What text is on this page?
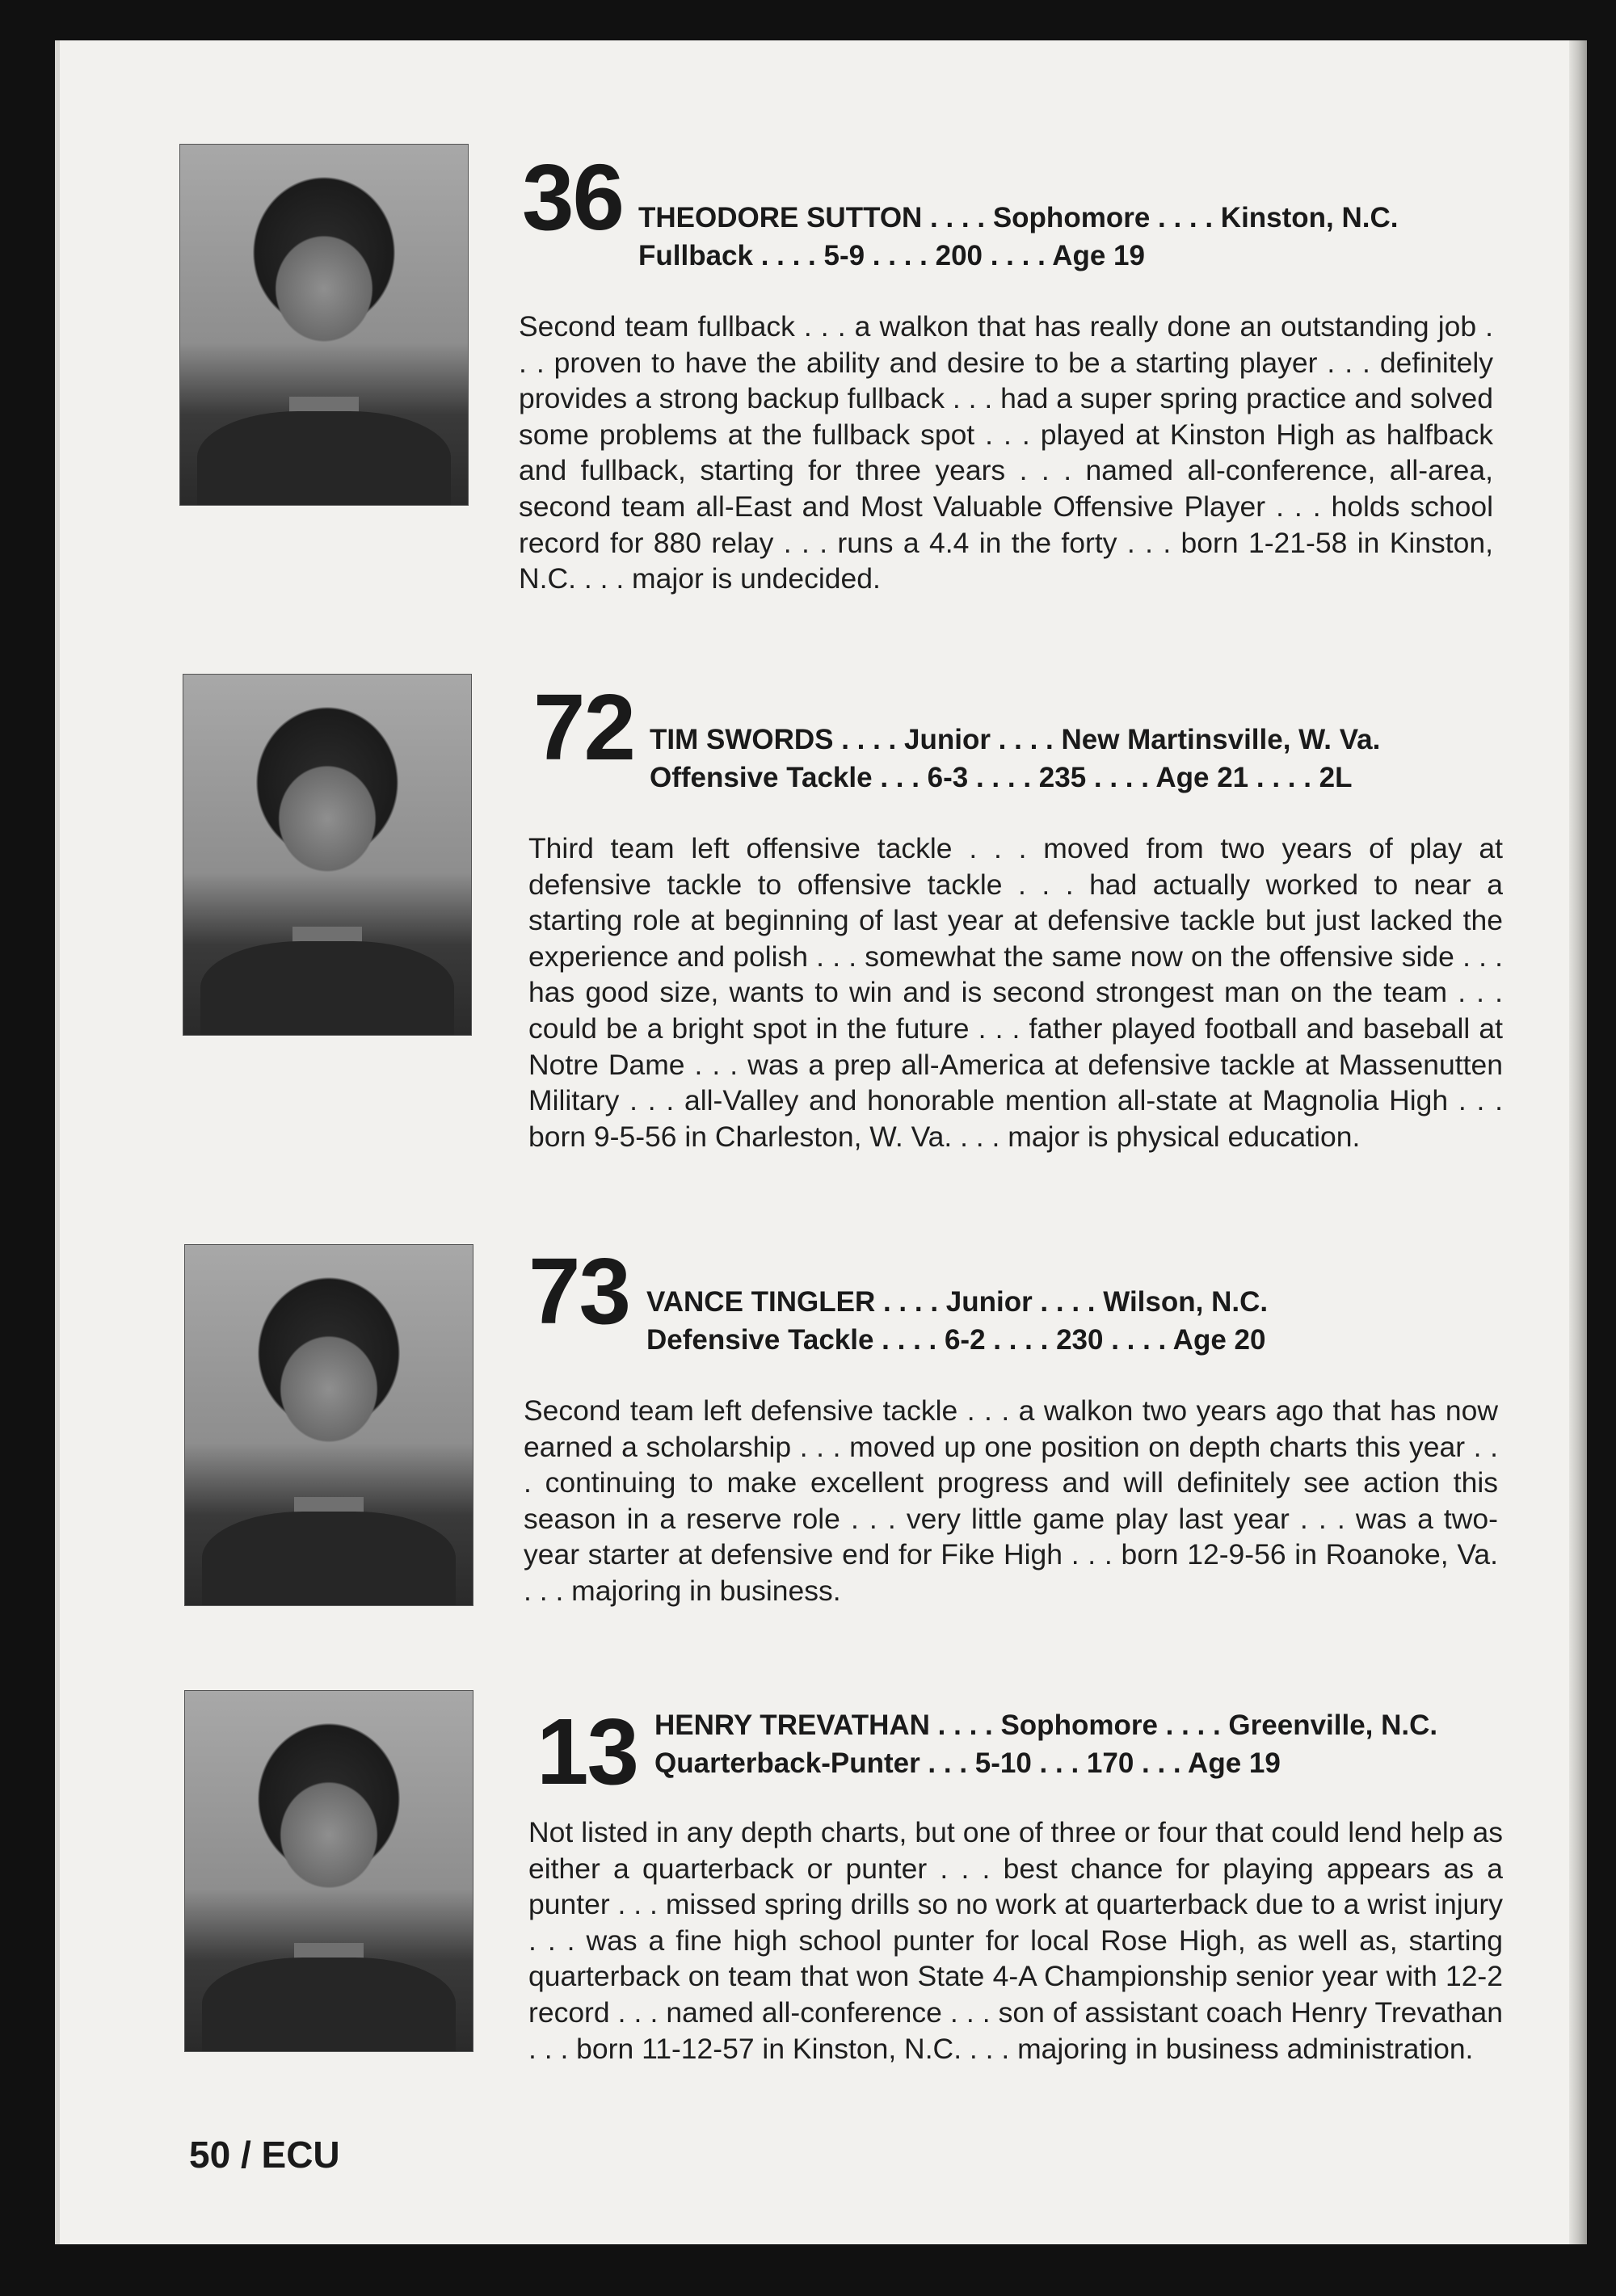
36 THEODORE SUTTON . . . . Sophomore . . . . Kinston, N.C.
Fullback . . . . 5-9 . . . . 200 . . . . Age 19
Second team fullback . . . a walkon that has really done an outstanding job . . . proven to have the ability and desire to be a starting player . . . definitely provides a strong backup fullback . . . had a super spring practice and solved some problems at the fullback spot . . . played at Kinston High as halfback and fullback, starting for three years . . . named all-conference, all-area, second team all-East and Most Valuable Offensive Player . . . holds school record for 880 relay . . . runs a 4.4 in the forty . . . born 1-21-58 in Kinston, N.C. . . . major is undecided.
72 TIM SWORDS . . . . Junior . . . . New Martinsville, W. Va.
Offensive Tackle . . . 6-3 . . . . 235 . . . . Age 21 . . . . 2L
Third team left offensive tackle . . . moved from two years of play at defensive tackle to offensive tackle . . . had actually worked to near a starting role at beginning of last year at defensive tackle but just lacked the experience and polish . . . somewhat the same now on the offensive side . . . has good size, wants to win and is second strongest man on the team . . . could be a bright spot in the future . . . father played football and baseball at Notre Dame . . . was a prep all-America at defensive tackle at Massenutten Military . . . all-Valley and honorable mention all-state at Magnolia High . . . born 9-5-56 in Charleston, W. Va. . . . major is physical education.
73 VANCE TINGLER . . . . Junior . . . . Wilson, N.C.
Defensive Tackle . . . . 6-2 . . . . 230 . . . . Age 20
Second team left defensive tackle . . . a walkon two years ago that has now earned a scholarship . . . moved up one position on depth charts this year . . . continuing to make excellent progress and will definitely see action this season in a reserve role . . . very little game play last year . . . was a two-year starter at defensive end for Fike High . . . born 12-9-56 in Roanoke, Va. . . . majoring in business.
13 HENRY TREVATHAN . . . . Sophomore . . . . Greenville, N.C.
Quarterback-Punter . . . 5-10 . . . 170 . . . Age 19
Not listed in any depth charts, but one of three or four that could lend help as either a quarterback or punter . . . best chance for playing appears as a punter . . . missed spring drills so no work at quarterback due to a wrist injury . . . was a fine high school punter for local Rose High, as well as, starting quarterback on team that won State 4-A Championship senior year with 12-2 record . . . named all-conference . . . son of assistant coach Henry Trevathan . . . born 11-12-57 in Kinston, N.C. . . . majoring in business administration.
50 / ECU
